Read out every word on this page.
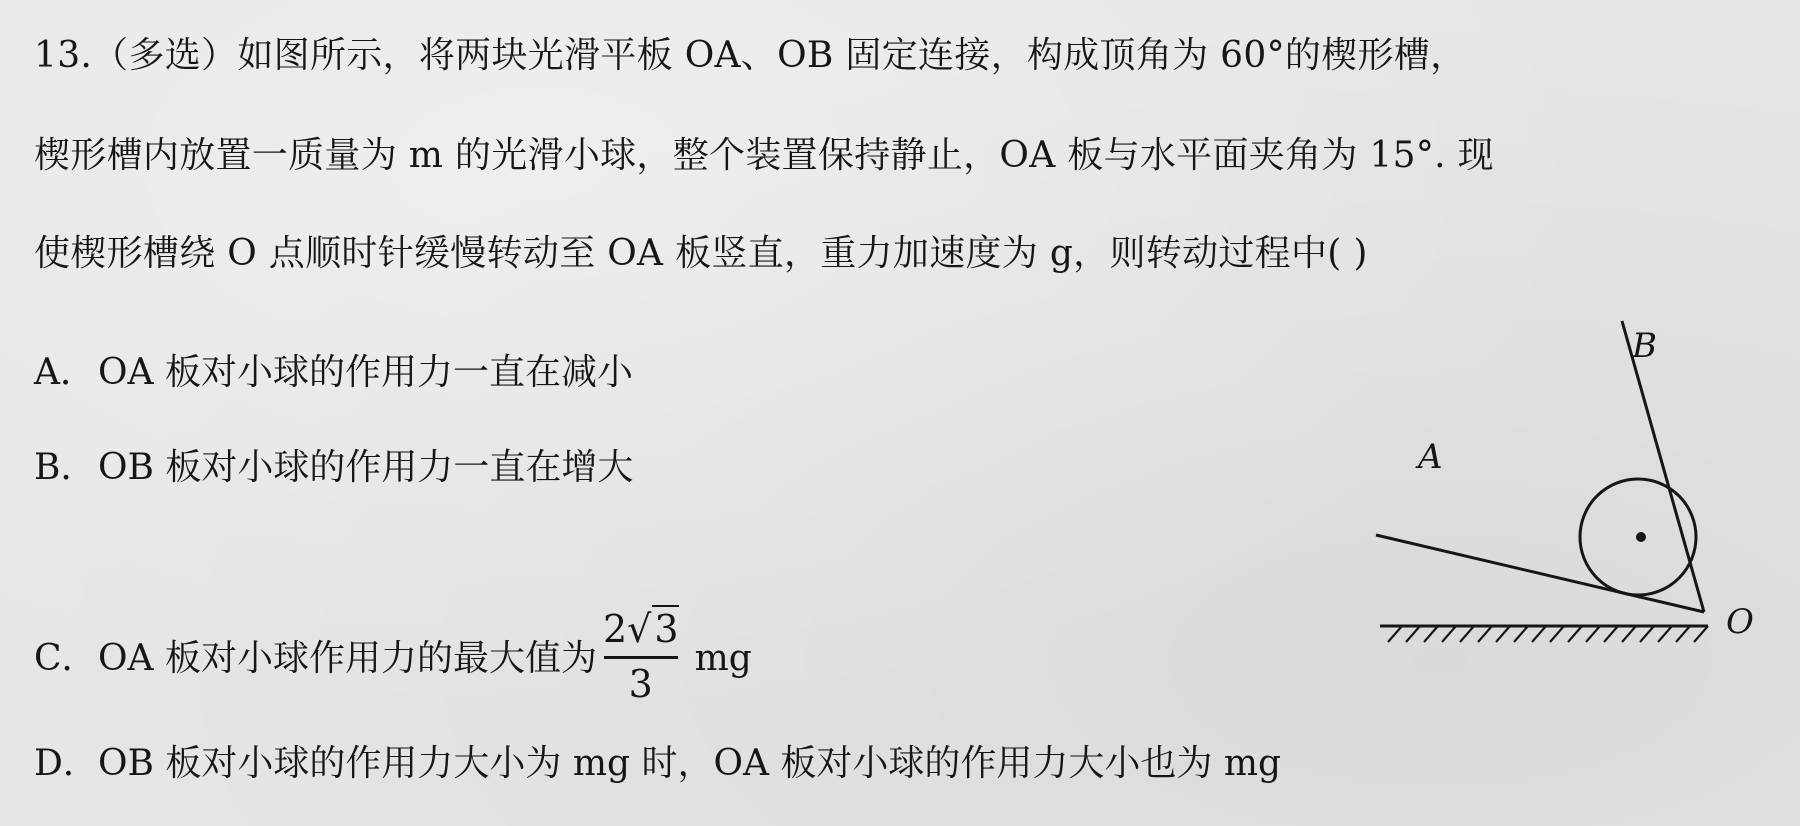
13.（多选）如图所示，将两块光滑平板 OA、OB 固定连接，构成顶角为 60°的楔形槽，
楔形槽内放置一质量为 m 的光滑小球，整个装置保持静止，OA 板与水平面夹角为 15°. 现
使楔形槽绕 O 点顺时针缓慢转动至 OA 板竖直，重力加速度为 g，则转动过程中( )
A．OA 板对小球的作用力一直在减小
B．OB 板对小球的作用力一直在增大
C．OA 板对小球作用力的最大值为 $\frac{2√3}{3}$ mg
D．OB 板对小球的作用力大小为 mg 时，OA 板对小球的作用力大小也为 mg
A
B
O
